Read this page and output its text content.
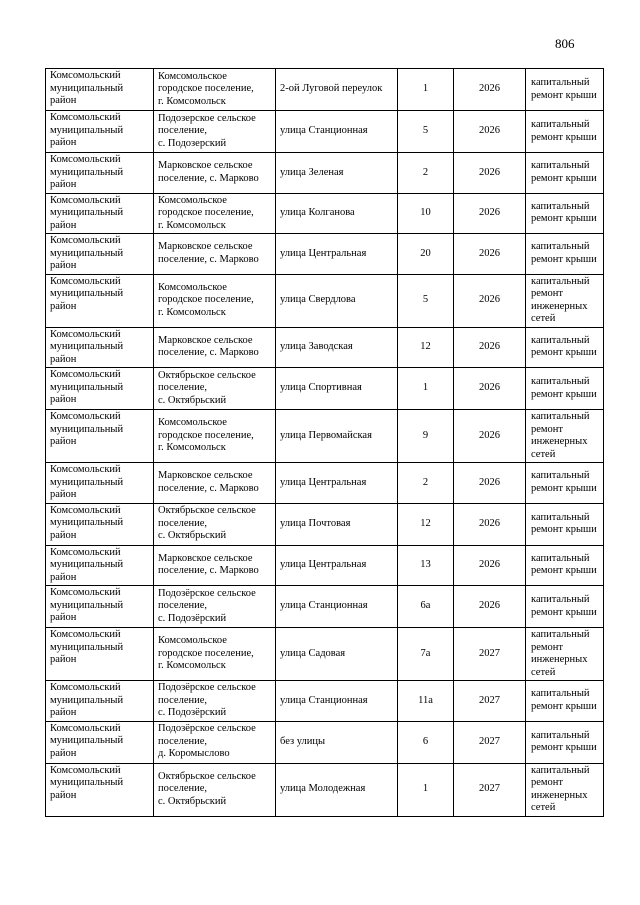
806
Комсомольский
муниципальный
район	Комсомольское
городское поселение,
г. Комсомольск	2-ой Луговой переулок	1	2026	капитальный
ремонт крыши
Комсомольский
муниципальный
район	Подозерское сельское
поселение,
с. Подозерский	улица Станционная	5	2026	капитальный
ремонт крыши
Комсомольский
муниципальный
район	Марковское сельское
поселение, с. Марково	улица Зеленая	2	2026	капитальный
ремонт крыши
Комсомольский
муниципальный
район	Комсомольское
городское поселение,
г. Комсомольск	улица Колганова	10	2026	капитальный
ремонт крыши
Комсомольский
муниципальный
район	Марковское сельское
поселение, с. Марково	улица Центральная	20	2026	капитальный
ремонт крыши
Комсомольский
муниципальный
район	Комсомольское
городское поселение,
г. Комсомольск	улица Свердлова	5	2026	капитальный
ремонт
инженерных
сетей
Комсомольский
муниципальный
район	Марковское сельское
поселение, с. Марково	улица Заводская	12	2026	капитальный
ремонт крыши
Комсомольский
муниципальный
район	Октябрьское сельское
поселение,
с. Октябрьский	улица Спортивная	1	2026	капитальный
ремонт крыши
Комсомольский
муниципальный
район	Комсомольское
городское поселение,
г. Комсомольск	улица Первомайская	9	2026	капитальный
ремонт
инженерных
сетей
Комсомольский
муниципальный
район	Марковское сельское
поселение, с. Марково	улица Центральная	2	2026	капитальный
ремонт крыши
Комсомольский
муниципальный
район	Октябрьское сельское
поселение,
с. Октябрьский	улица Почтовая	12	2026	капитальный
ремонт крыши
Комсомольский
муниципальный
район	Марковское сельское
поселение, с. Марково	улица Центральная	13	2026	капитальный
ремонт крыши
Комсомольский
муниципальный
район	Подозёрское сельское
поселение,
с. Подозёрский	улица Станционная	6а	2026	капитальный
ремонт крыши
Комсомольский
муниципальный
район	Комсомольское
городское поселение,
г. Комсомольск	улица Садовая	7а	2027	капитальный
ремонт
инженерных
сетей
Комсомольский
муниципальный
район	Подозёрское сельское
поселение,
с. Подозёрский	улица Станционная	11а	2027	капитальный
ремонт крыши
Комсомольский
муниципальный
район	Подозёрское сельское
поселение,
д. Коромыслово	без улицы	6	2027	капитальный
ремонт крыши
Комсомольский
муниципальный
район	Октябрьское сельское
поселение,
с. Октябрьский	улица Молодежная	1	2027	капитальный
ремонт
инженерных
сетей
